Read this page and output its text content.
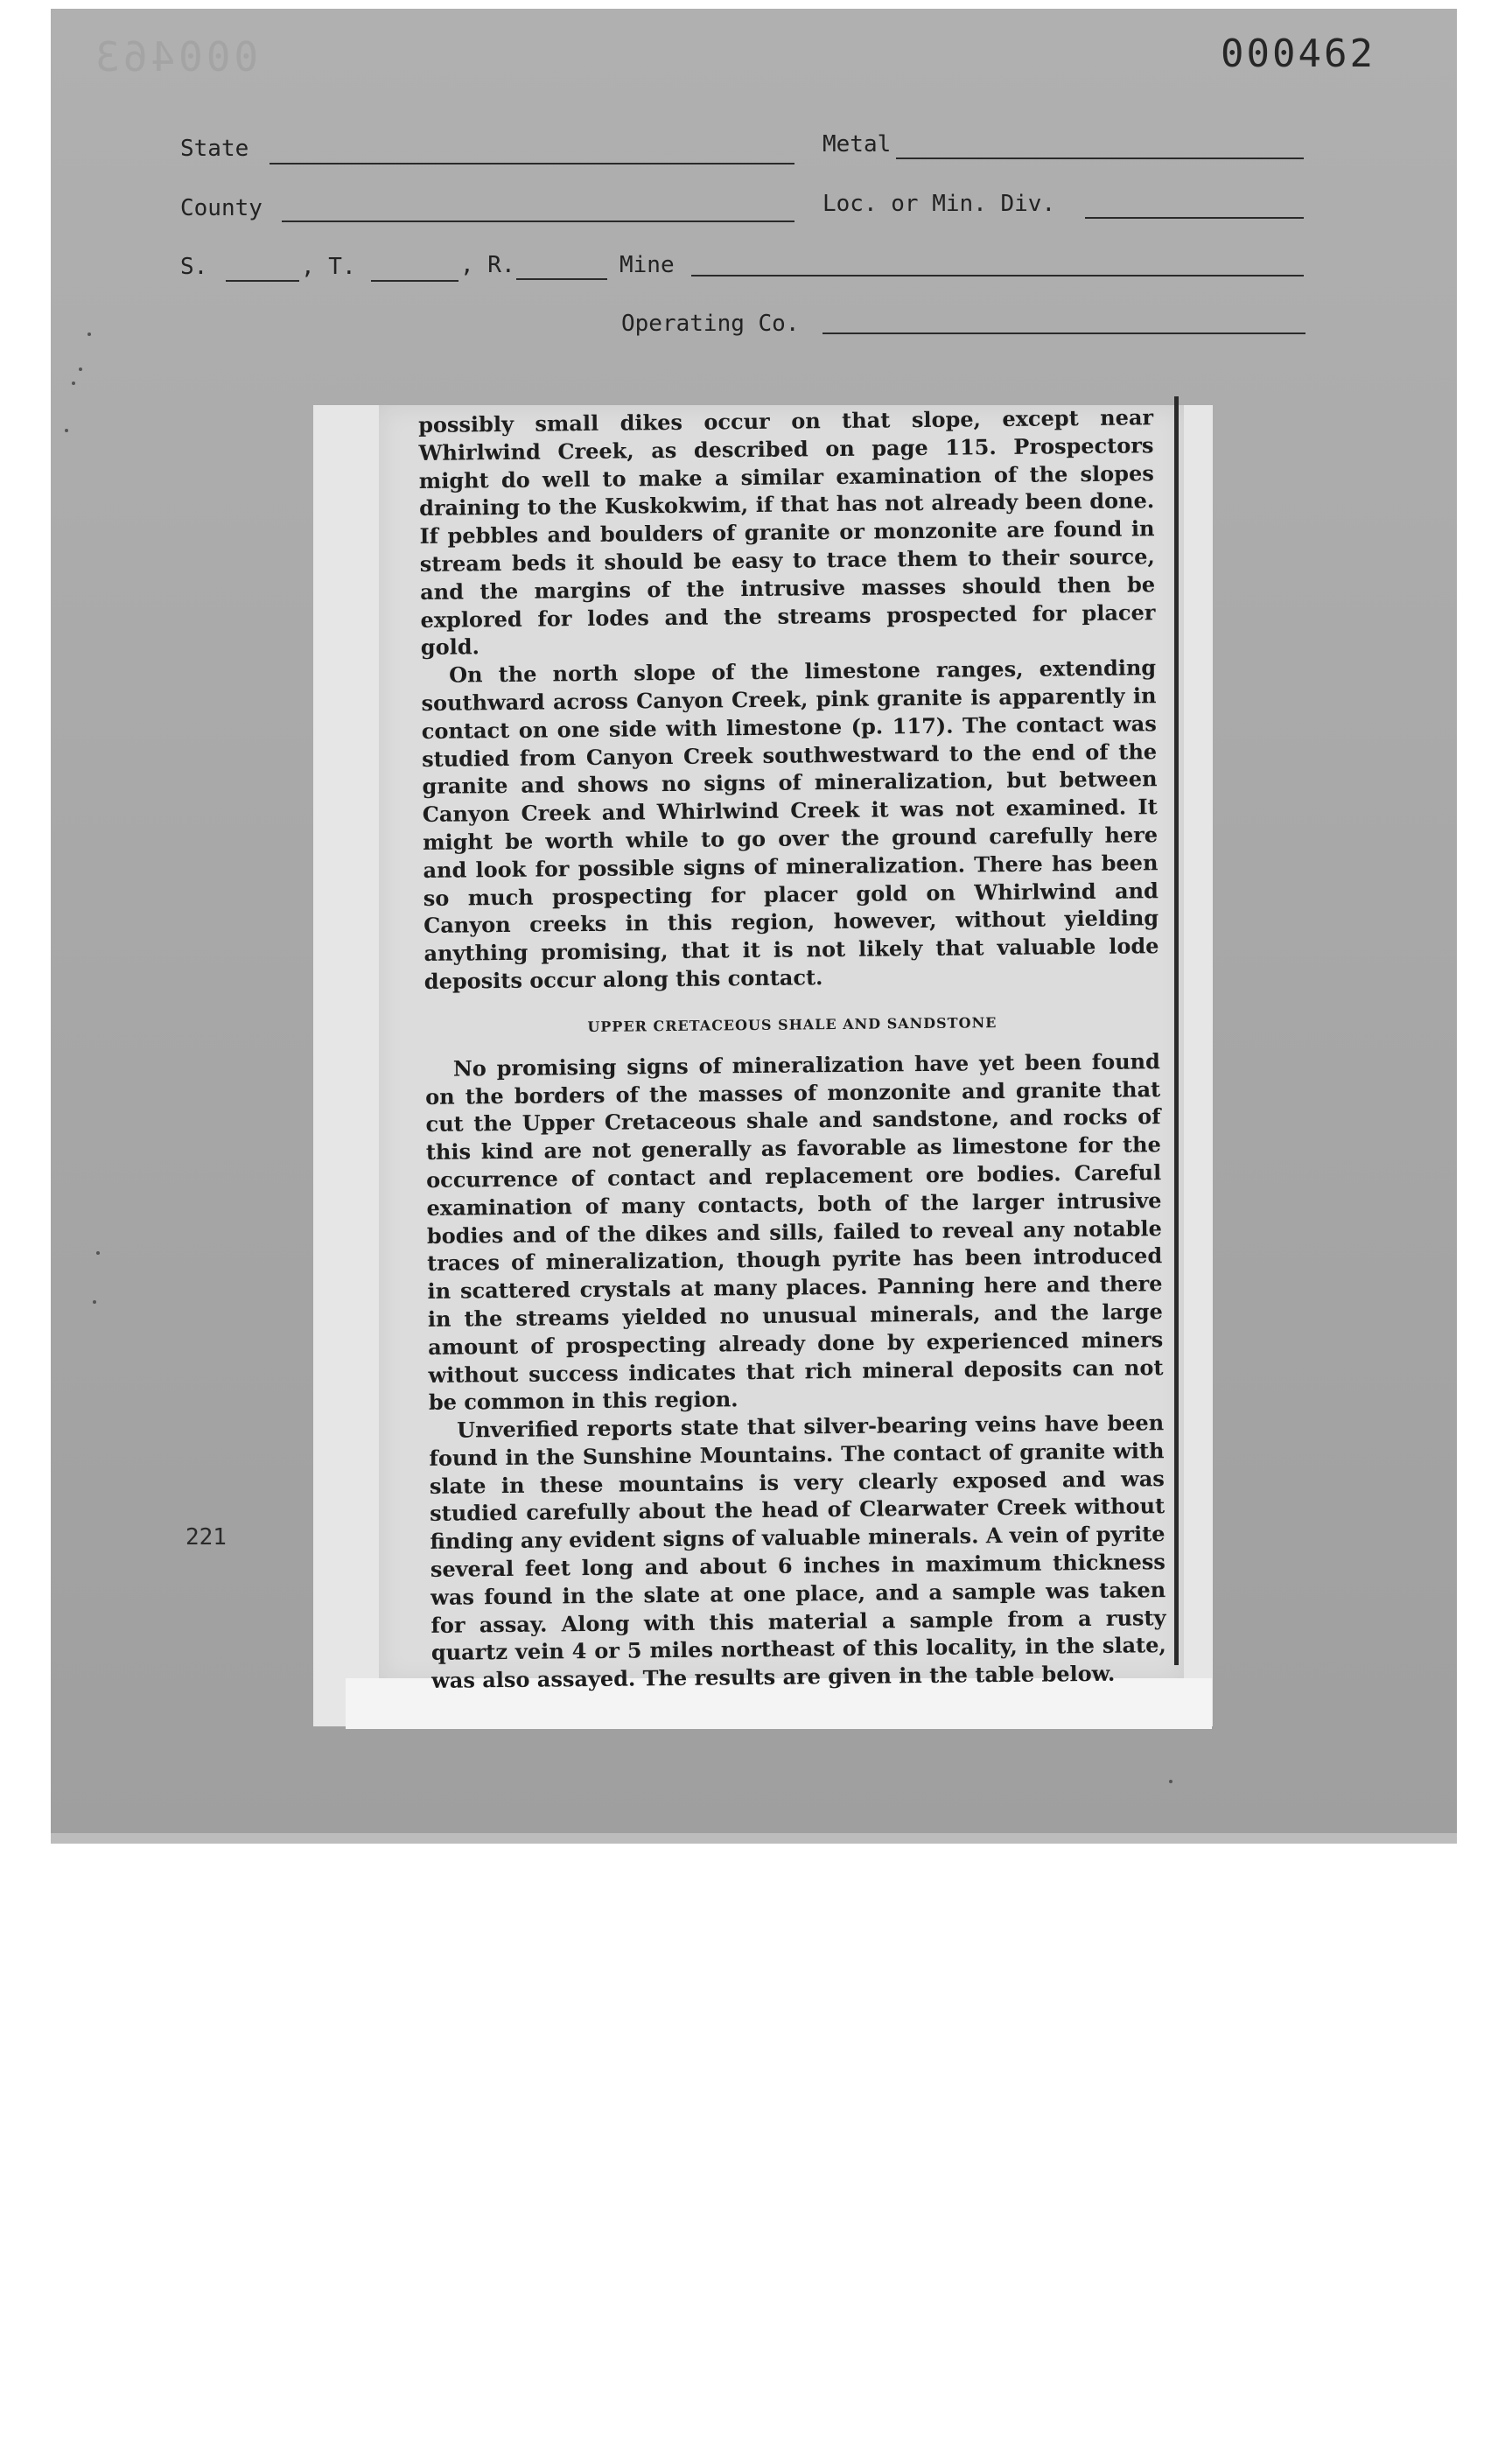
000463	000462
State	Metal
County	Loc. or Min. Div.
S.	, T.	, R.	Mine
Operating Co.

possibly small dikes occur on that slope, except near Whirlwind Creek, as described on page 115. Prospectors might do well to make a similar examination of the slopes draining to the Kuskokwim, if that has not already been done. If pebbles and boulders of granite or monzonite are found in stream beds it should be easy to trace them to their source, and the margins of the intrusive masses should then be explored for lodes and the streams prospected for placer gold.

On the north slope of the limestone ranges, extending southward across Canyon Creek, pink granite is apparently in contact on one side with limestone (p. 117). The contact was studied from Canyon Creek southwestward to the end of the granite and shows no signs of mineralization, but between Canyon Creek and Whirlwind Creek it was not examined. It might be worth while to go over the ground carefully here and look for possible signs of mineralization. There has been so much prospecting for placer gold on Whirlwind and Canyon creeks in this region, however, without yielding anything promising, that it is not likely that valuable lode deposits occur along this contact.

UPPER CRETACEOUS SHALE AND SANDSTONE

No promising signs of mineralization have yet been found on the borders of the masses of monzonite and granite that cut the Upper Cretaceous shale and sandstone, and rocks of this kind are not generally as favorable as limestone for the occurrence of contact and replacement ore bodies. Careful examination of many contacts, both of the larger intrusive bodies and of the dikes and sills, failed to reveal any notable traces of mineralization, though pyrite has been introduced in scattered crystals at many places. Panning here and there in the streams yielded no unusual minerals, and the large amount of prospecting already done by experienced miners without success indicates that rich mineral deposits can not be common in this region.

Unverified reports state that silver-bearing veins have been found in the Sunshine Mountains. The contact of granite with slate in these mountains is very clearly exposed and was studied carefully about the head of Clearwater Creek without finding any evident signs of valuable minerals. A vein of pyrite several feet long and about 6 inches in maximum thickness was found in the slate at one place, and a sample was taken for assay. Along with this material a sample from a rusty quartz vein 4 or 5 miles northeast of this locality, in the slate, was also assayed. The results are given in the table below.

221
